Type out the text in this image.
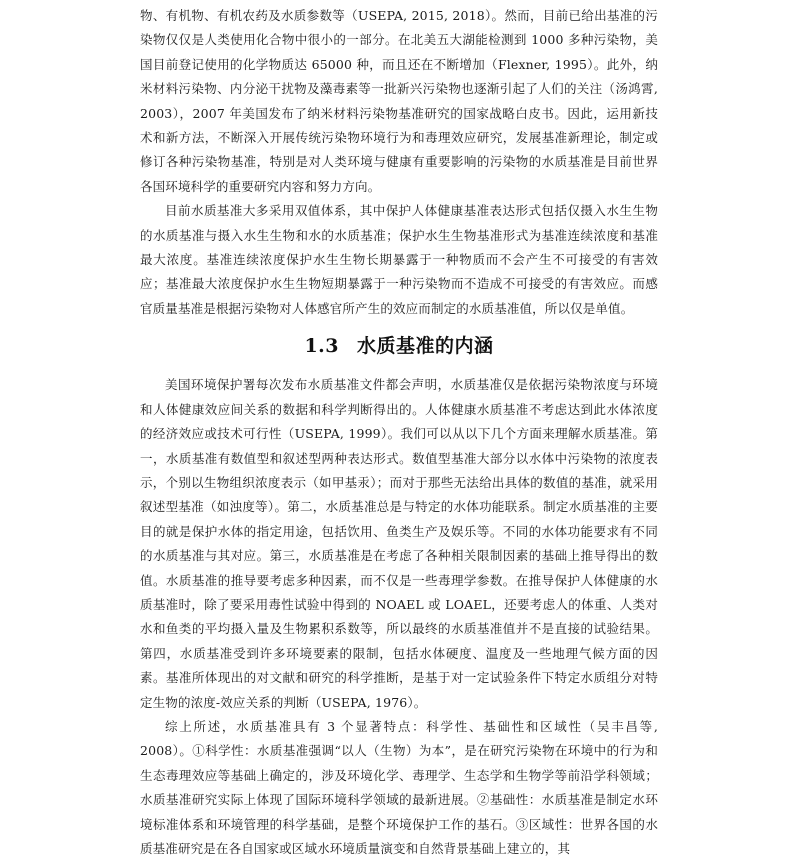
物、有机物、有机农药及水质参数等（USEPA, 2015, 2018）。然而，目前已给出基准的污染物仅仅是人类使用化合物中很小的一部分。在北美五大湖能检测到 1000 多种污染物，美国目前登记使用的化学物质达 65000 种，而且还在不断增加（Flexner, 1995）。此外，纳米材料污染物、内分泌干扰物及藻毒素等一批新兴污染物也逐渐引起了人们的关注（汤鸿霄, 2003），2007 年美国发布了纳米材料污染物基准研究的国家战略白皮书。因此，运用新技术和新方法，不断深入开展传统污染物环境行为和毒理效应研究，发展基准新理论，制定或修订各种污染物基准，特别是对人类环境与健康有重要影响的污染物的水质基准是目前世界各国环境科学的重要研究内容和努力方向。

目前水质基准大多采用双值体系，其中保护人体健康基准表达形式包括仅摄入水生生物的水质基准与摄入水生生物和水的水质基准；保护水生生物基准形式为基准连续浓度和基准最大浓度。基准连续浓度保护水生生物长期暴露于一种物质而不会产生不可接受的有害效应；基准最大浓度保护水生生物短期暴露于一种污染物而不造成不可接受的有害效应。而感官质量基准是根据污染物对人体感官所产生的效应而制定的水质基准值，所以仅是单值。

1.3 水质基准的内涵

美国环境保护署每次发布水质基准文件都会声明，水质基准仅是依据污染物浓度与环境和人体健康效应间关系的数据和科学判断得出的。人体健康水质基准不考虑达到此水体浓度的经济效应或技术可行性（USEPA, 1999）。我们可以从以下几个方面来理解水质基准。第一，水质基准有数值型和叙述型两种表达形式。数值型基准大部分以水体中污染物的浓度表示，个别以生物组织浓度表示（如甲基汞）；而对于那些无法给出具体的数值的基准，就采用叙述型基准（如浊度等）。第二，水质基准总是与特定的水体功能联系。制定水质基准的主要目的就是保护水体的指定用途，包括饮用、鱼类生产及娱乐等。不同的水体功能要求有不同的水质基准与其对应。第三，水质基准是在考虑了各种相关限制因素的基础上推导得出的数值。水质基准的推导要考虑多种因素，而不仅是一些毒理学参数。在推导保护人体健康的水质基准时，除了要采用毒性试验中得到的 NOAEL 或 LOAEL，还要考虑人的体重、人类对水和鱼类的平均摄入量及生物累积系数等，所以最终的水质基准值并不是直接的试验结果。第四，水质基准受到许多环境要素的限制，包括水体硬度、温度及一些地理气候方面的因素。基准所体现出的对文献和研究的科学推断，是基于对一定试验条件下特定水质组分对特定生物的浓度-效应关系的判断（USEPA, 1976）。

综上所述，水质基准具有 3 个显著特点：科学性、基础性和区域性（吴丰昌等, 2008）。①科学性：水质基准强调“以人（生物）为本”，是在研究污染物在环境中的行为和生态毒理效应等基础上确定的，涉及环境化学、毒理学、生态学和生物学等前沿学科领域；水质基准研究实际上体现了国际环境科学领域的最新进展。②基础性：水质基准是制定水环境标准体系和环境管理的科学基础，是整个环境保护工作的基石。③区域性：世界各国的水质基准研究是在各自国家或区域水环境质量演变和自然背景基础上建立的，其
